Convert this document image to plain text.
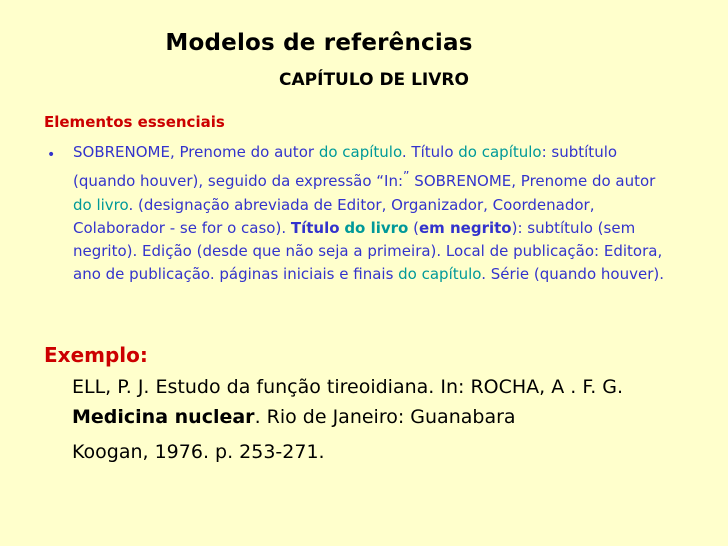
Modelos de referências
CAPÍTULO DE LIVRO
Elementos essenciais
• SOBRENOME, Prenome do autor do capítulo. Título do capítulo: subtítulo (quando houver), seguido da expressão “In:” SOBRENOME, Prenome do autor do livro. (designação abreviada de Editor, Organizador, Coordenador, Colaborador - se for o caso). Título do livro (em negrito): subtítulo (sem negrito). Edição (desde que não seja a primeira). Local de publicação: Editora, ano de publicação. páginas iniciais e finais do capítulo. Série (quando houver).
Exemplo:
ELL, P. J. Estudo da função tireoidiana. In: ROCHA, A . F. G. Medicina nuclear. Rio de Janeiro: Guanabara
Koogan, 1976. p. 253-271.
